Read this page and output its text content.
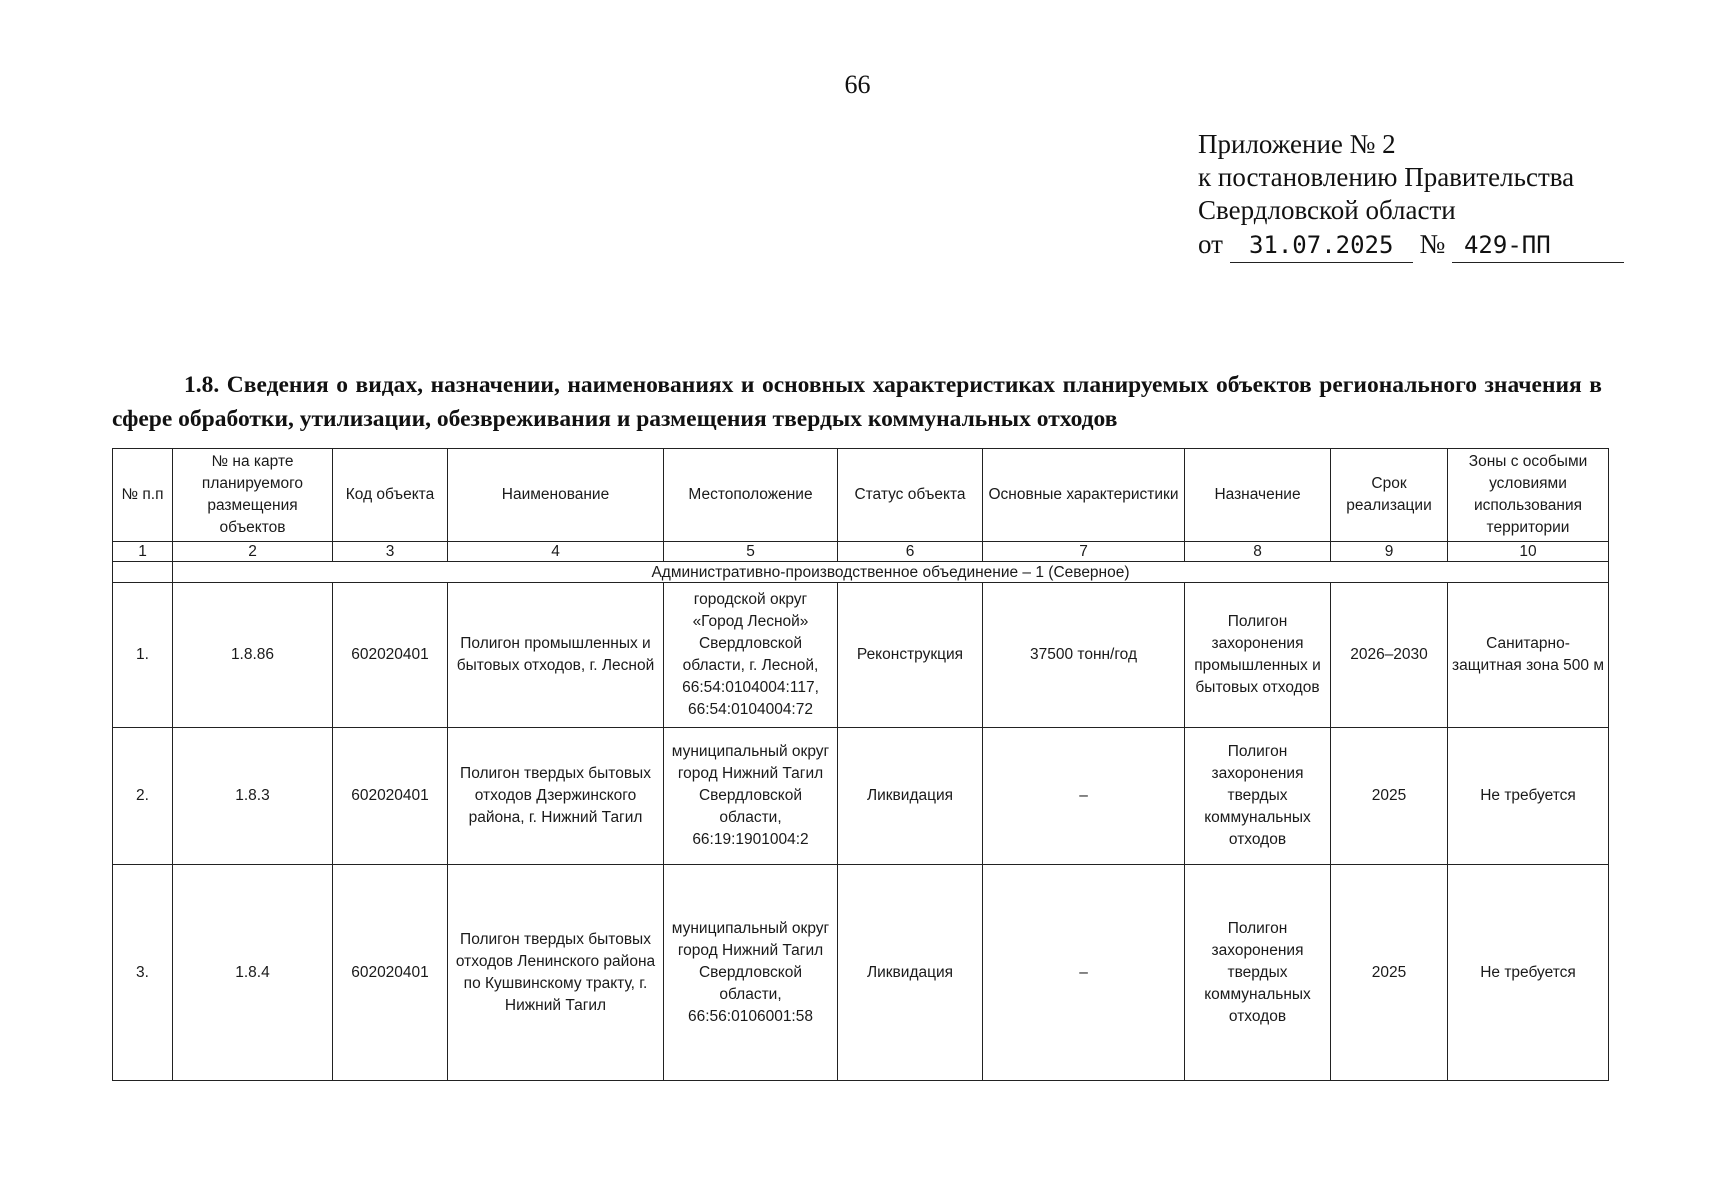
66
Приложение № 2
к постановлению Правительства
Свердловской области
от 31.07.2025 № 429-ПП
1.8. Сведения о видах, назначении, наименованиях и основных характеристиках планируемых объектов регионального значения в сфере обработки, утилизации, обезвреживания и размещения твердых коммунальных отходов
№ п.п	№ на карте планируемого размещения объектов	Код объекта	Наименование	Местоположение	Статус объекта	Основные характеристики	Назначение	Срок реализации	Зоны с особыми условиями использования территории
1	2	3	4	5	6	7	8	9	10
	Административно-производственное объединение – 1 (Северное)								
1.	1.8.86	602020401	Полигон промышленных и бытовых отходов, г. Лесной	городской округ «Город Лесной» Свердловской области, г. Лесной, 66:54:0104004:117, 66:54:0104004:72	Реконструкция	37500 тонн/год	Полигон захоронения промышленных и бытовых отходов	2026–2030	Санитарно-защитная зона 500 м
2.	1.8.3	602020401	Полигон твердых бытовых отходов Дзержинского района, г. Нижний Тагил	муниципальный округ город Нижний Тагил Свердловской области, 66:19:1901004:2	Ликвидация	–	Полигон захоронения твердых коммунальных отходов	2025	Не требуется
3.	1.8.4	602020401	Полигон твердых бытовых отходов Ленинского района по Кушвинскому тракту, г. Нижний Тагил	муниципальный округ город Нижний Тагил Свердловской области, 66:56:0106001:58	Ликвидация	–	Полигон захоронения твердых коммунальных отходов	2025	Не требуется
